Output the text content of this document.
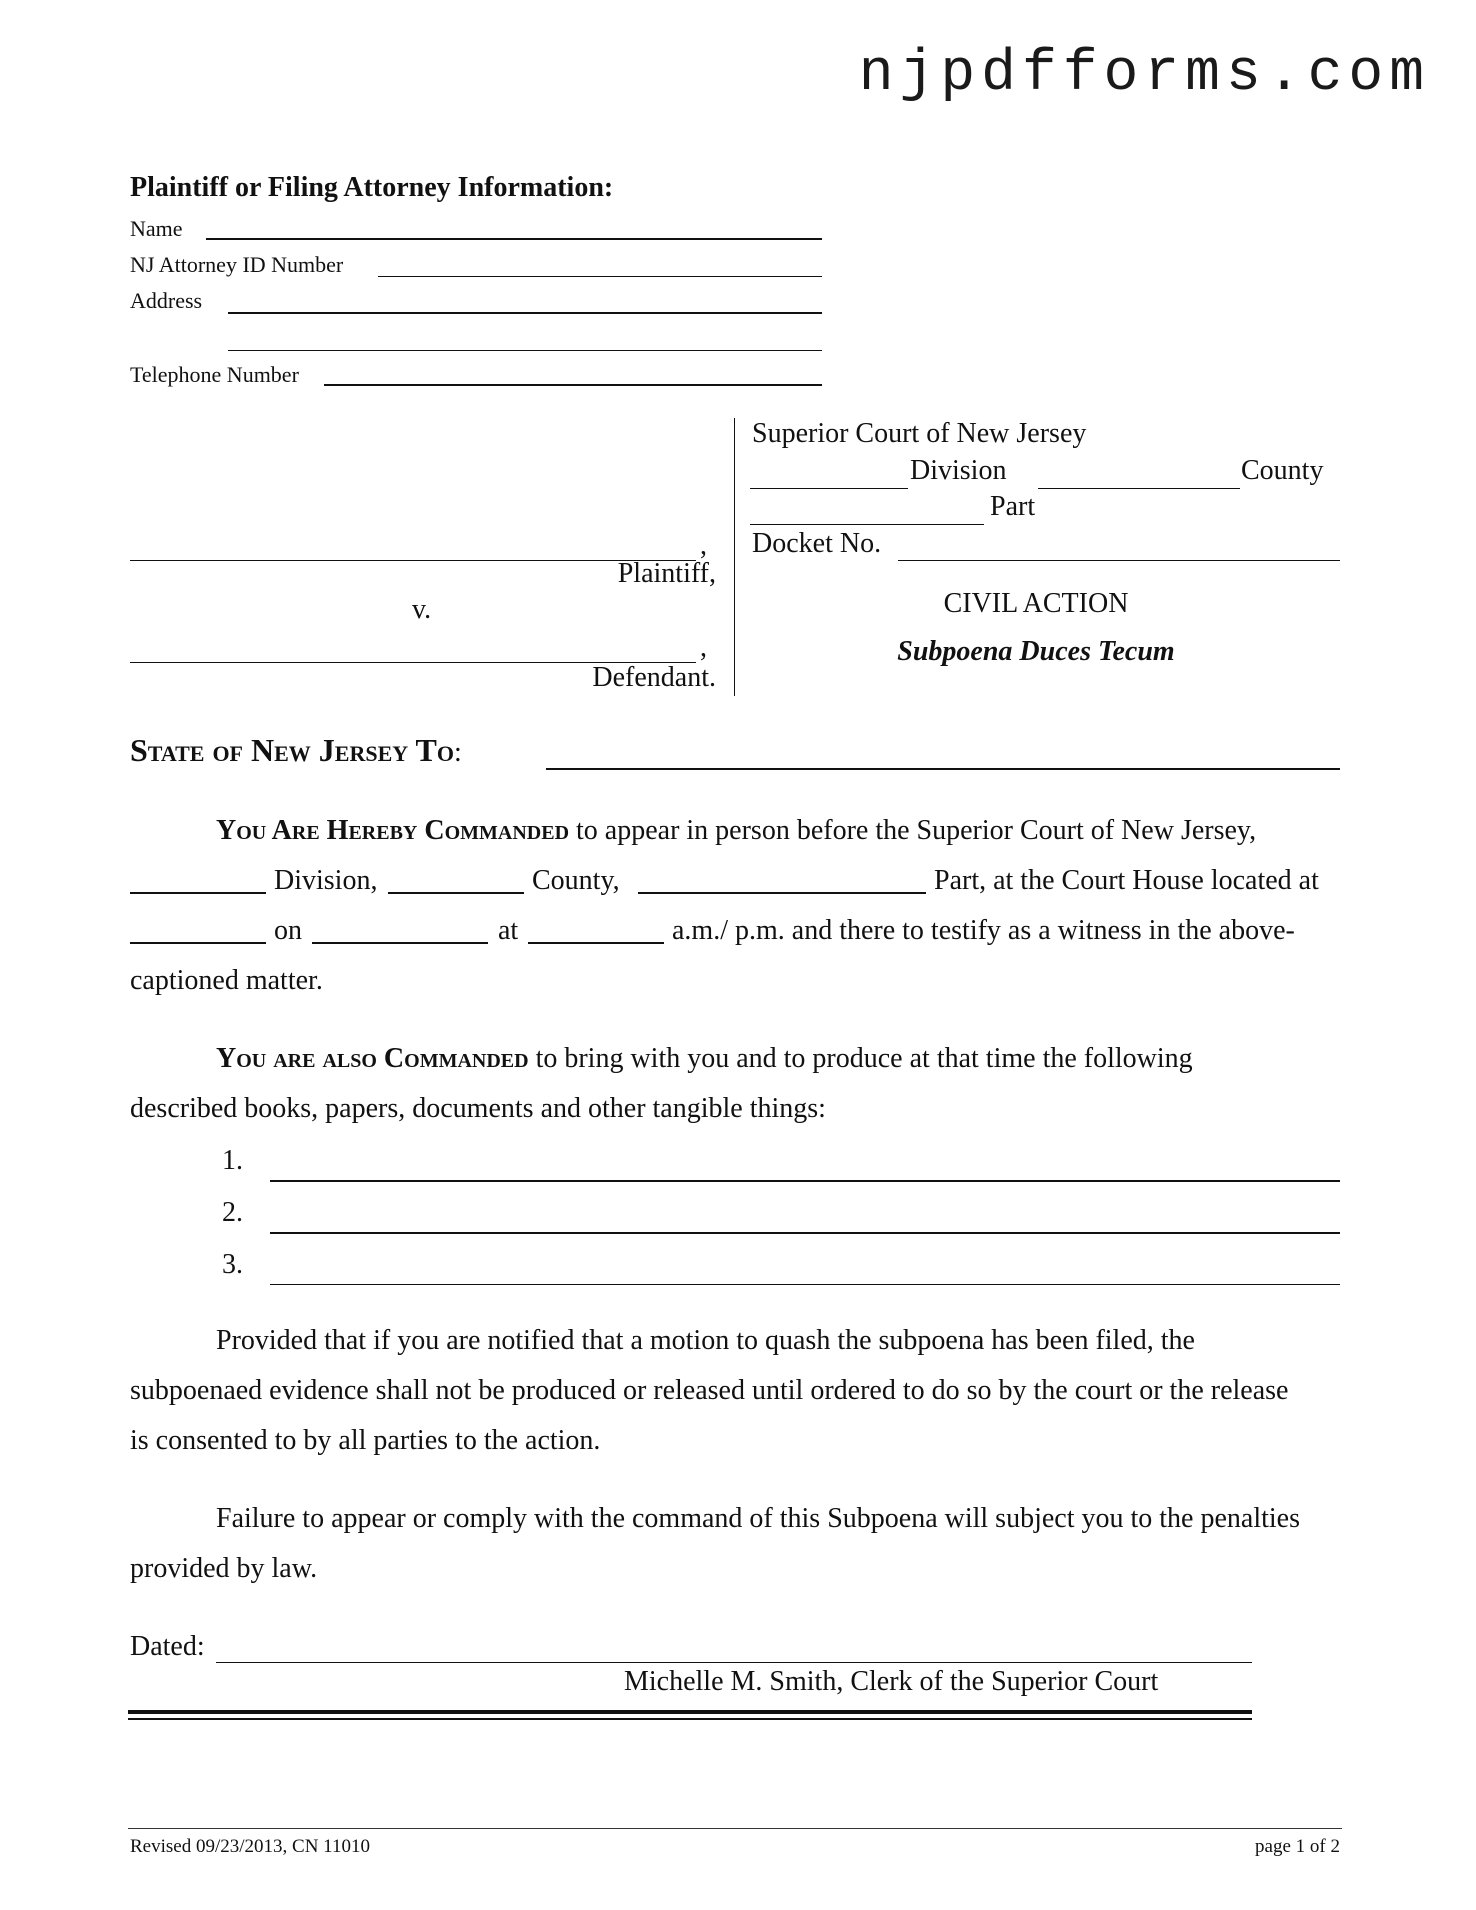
njpdfforms.com
Plaintiff or Filing Attorney Information:
Name
NJ Attorney ID Number
Address
Telephone Number
,
Plaintiff,
v.
,
Defendant.
Superior Court of New Jersey
Division	County
Part
Docket No.
CIVIL ACTION
Subpoena Duces Tecum
State of New Jersey To:
You Are Hereby Commanded to appear in person before the Superior Court of New Jersey,
Division,	County,	Part, at the Court House located at
on	at	a.m./ p.m. and there to testify as a witness in the above-
captioned matter.
You are also Commanded to bring with you and to produce at that time the following
described books, papers, documents and other tangible things:
1.
2.
3.
Provided that if you are notified that a motion to quash the subpoena has been filed, the
subpoenaed evidence shall not be produced or released until ordered to do so by the court or the release
is consented to by all parties to the action.
Failure to appear or comply with the command of this Subpoena will subject you to the penalties
provided by law.
Dated:
Michelle M. Smith, Clerk of the Superior Court
Revised 09/23/2013, CN 11010	page 1 of 2
